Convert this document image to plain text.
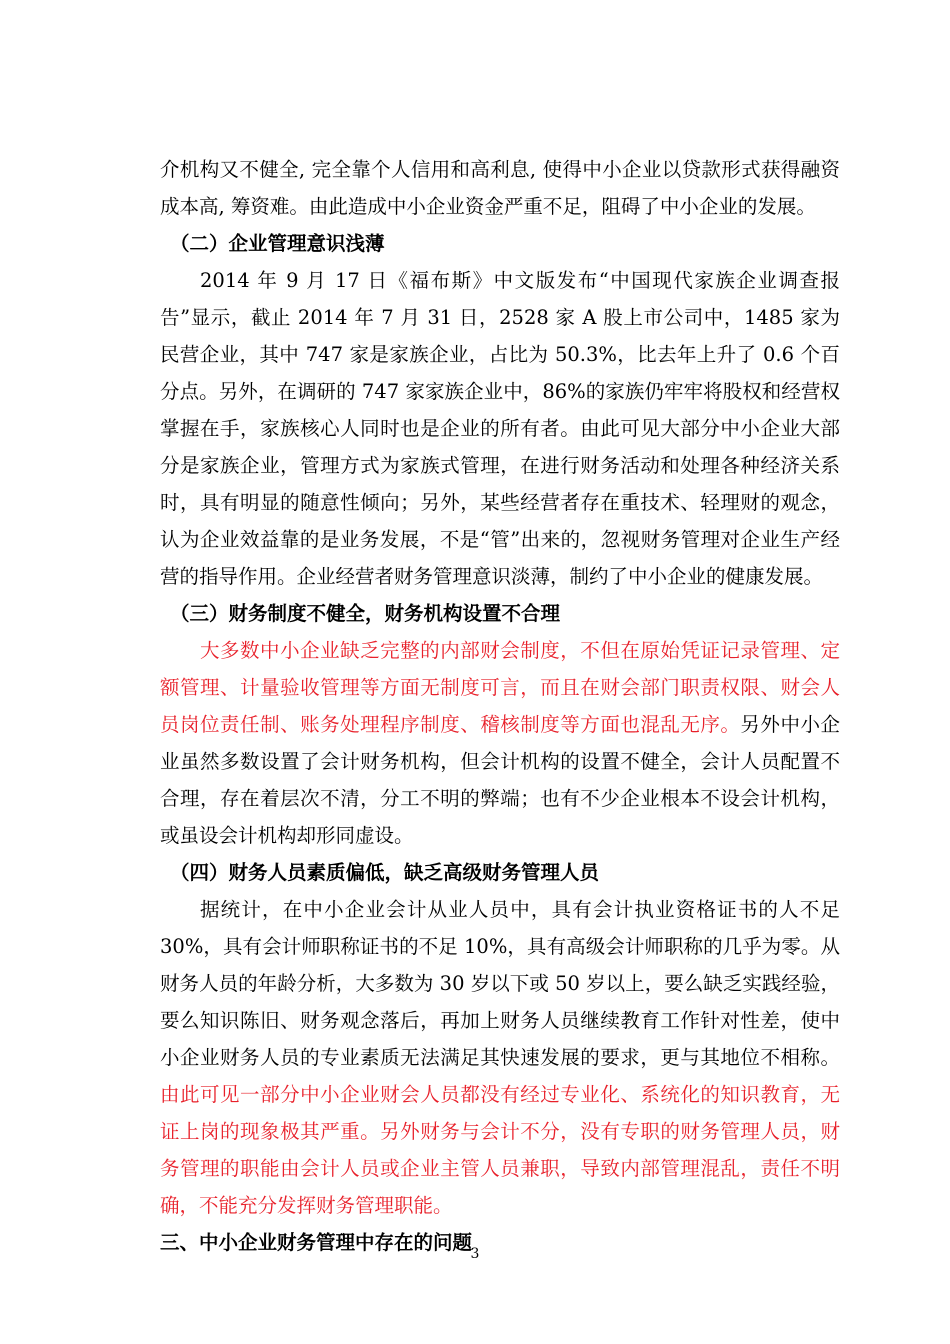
介机构又不健全, 完全靠个人信用和高利息, 使得中小企业以贷款形式获得融资成本高, 筹资难。由此造成中小企业资金严重不足，阻碍了中小企业的发展。

（二）企业管理意识浅薄

2014 年 9 月 17 日《福布斯》中文版发布“中国现代家族企业调查报告”显示，截止 2014 年 7 月 31 日，2528 家 A 股上市公司中，1485 家为民营企业，其中 747 家是家族企业，占比为 50.3%，比去年上升了 0.6 个百分点。另外，在调研的 747 家家族企业中，86%的家族仍牢牢将股权和经营权掌握在手，家族核心人同时也是企业的所有者。由此可见大部分中小企业大部分是家族企业，管理方式为家族式管理，在进行财务活动和处理各种经济关系时，具有明显的随意性倾向；另外，某些经营者存在重技术、轻理财的观念，认为企业效益靠的是业务发展，不是“管”出来的，忽视财务管理对企业生产经营的指导作用。企业经营者财务管理意识淡薄，制约了中小企业的健康发展。

（三）财务制度不健全，财务机构设置不合理

大多数中小企业缺乏完整的内部财会制度，不但在原始凭证记录管理、定额管理、计量验收管理等方面无制度可言，而且在财会部门职责权限、财会人员岗位责任制、账务处理程序制度、稽核制度等方面也混乱无序。另外中小企业虽然多数设置了会计财务机构，但会计机构的设置不健全，会计人员配置不合理，存在着层次不清，分工不明的弊端；也有不少企业根本不设会计机构，或虽设会计机构却形同虚设。

（四）财务人员素质偏低，缺乏高级财务管理人员

据统计，在中小企业会计从业人员中，具有会计执业资格证书的人不足 30%，具有会计师职称证书的不足 10%，具有高级会计师职称的几乎为零。从财务人员的年龄分析，大多数为 30 岁以下或 50 岁以上，要么缺乏实践经验，要么知识陈旧、财务观念落后，再加上财务人员继续教育工作针对性差，使中小企业财务人员的专业素质无法满足其快速发展的要求，更与其地位不相称。由此可见一部分中小企业财会人员都没有经过专业化、系统化的知识教育，无证上岗的现象极其严重。另外财务与会计不分，没有专职的财务管理人员，财务管理的职能由会计人员或企业主管人员兼职，导致内部管理混乱，责任不明确，不能充分发挥财务管理职能。

三、中小企业财务管理中存在的问题

3
